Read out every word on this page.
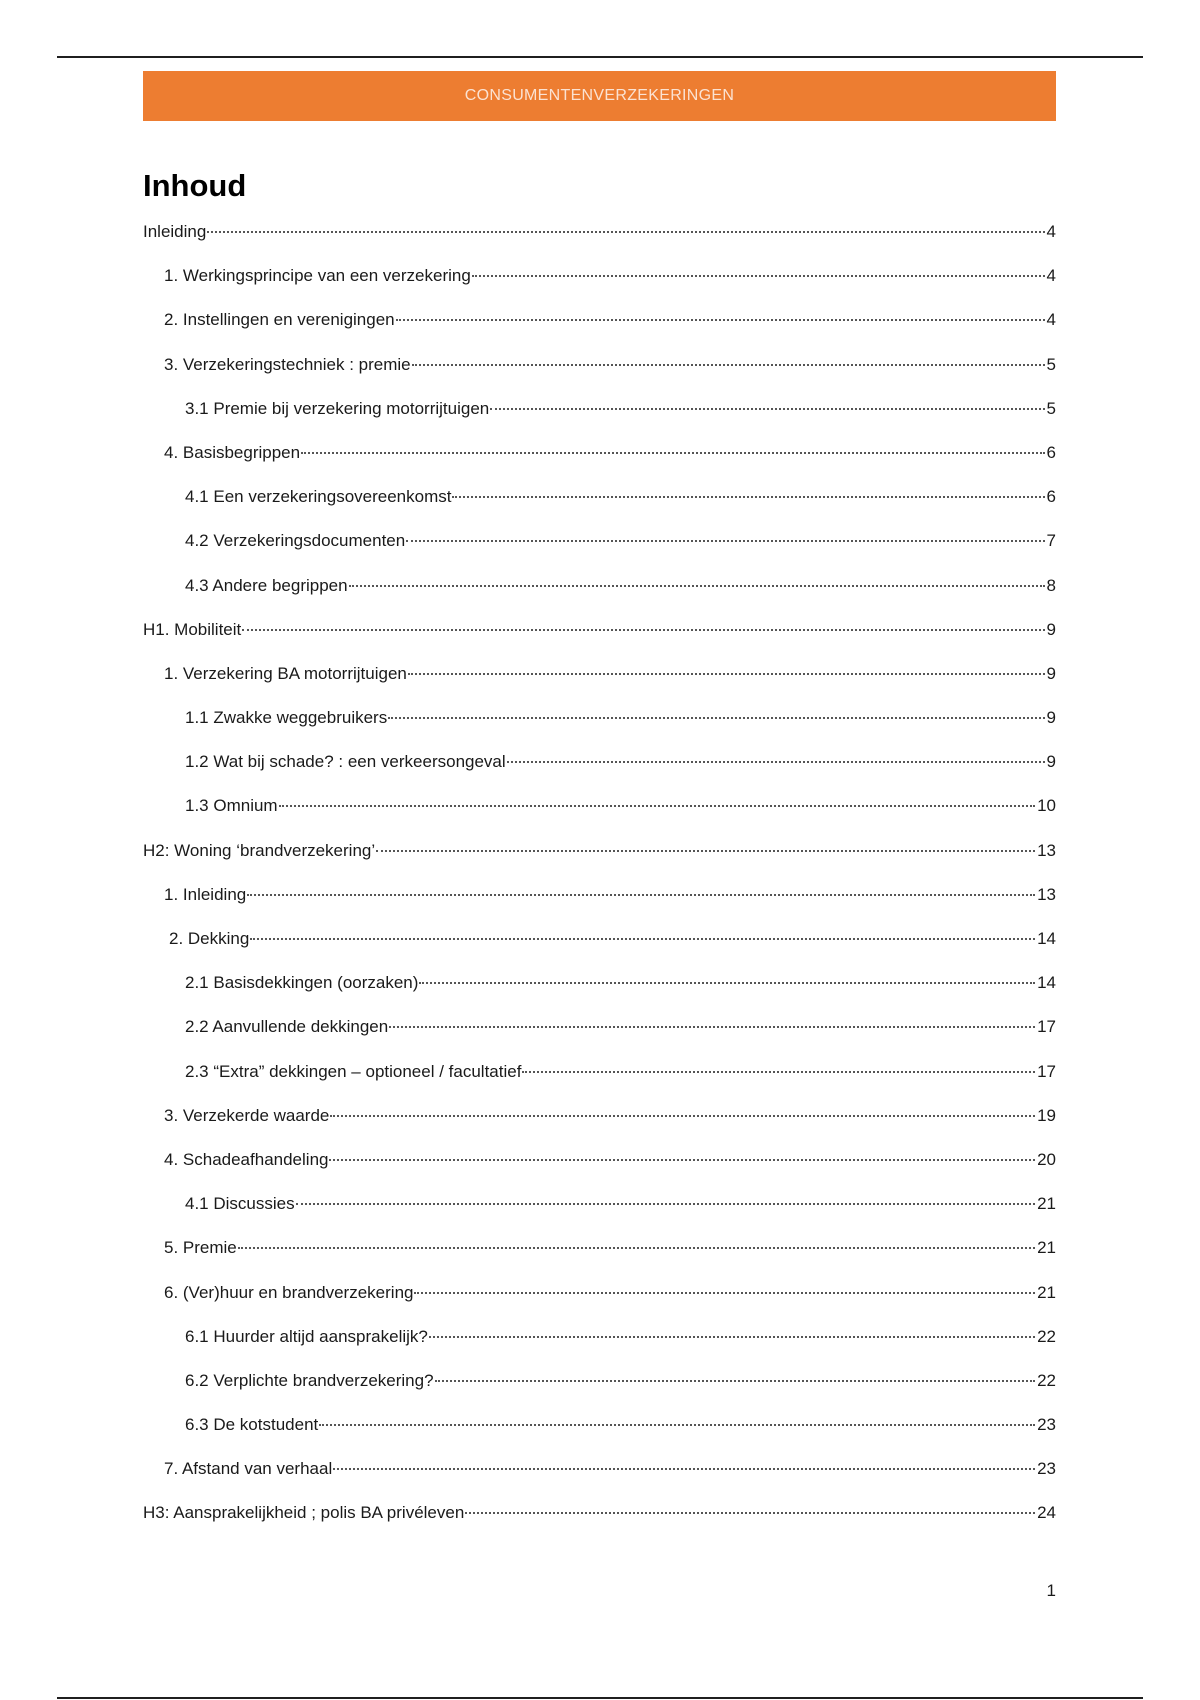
CONSUMENTENVERZEKERINGEN
Inhoud
Inleiding	4
1. Werkingsprincipe van een verzekering	4
2. Instellingen en verenigingen	4
3. Verzekeringstechniek : premie	5
3.1 Premie bij verzekering motorrijtuigen	5
4. Basisbegrippen	6
4.1 Een verzekeringsovereenkomst	6
4.2 Verzekeringsdocumenten	7
4.3 Andere begrippen	8
H1. Mobiliteit	9
1. Verzekering BA motorrijtuigen	9
1.1 Zwakke weggebruikers	9
1.2 Wat bij schade? : een verkeersongeval	9
1.3 Omnium	10
H2: Woning ‘brandverzekering’	13
1. Inleiding	13
2. Dekking	14
2.1 Basisdekkingen (oorzaken)	14
2.2 Aanvullende dekkingen	17
2.3 “Extra” dekkingen – optioneel / facultatief	17
3. Verzekerde waarde	19
4. Schadeafhandeling	20
4.1 Discussies	21
5. Premie	21
6. (Ver)huur en brandverzekering	21
6.1 Huurder altijd aansprakelijk?	22
6.2 Verplichte brandverzekering?	22
6.3 De kotstudent	23
7. Afstand van verhaal	23
H3: Aansprakelijkheid ; polis BA privéleven	24
1
